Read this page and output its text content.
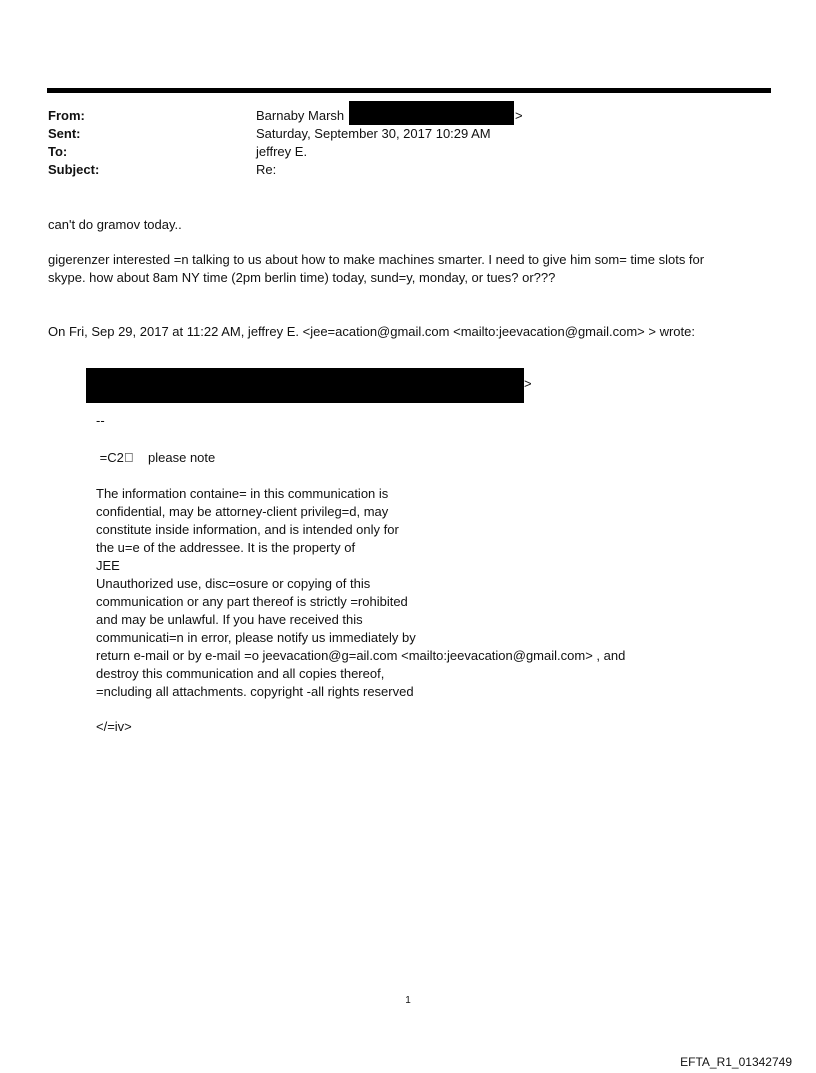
From:	Barnaby Marsh	>
Sent:	Saturday, September 30, 2017 10:29 AM
To:	jeffrey E.
Subject:	Re:
can't do gramov today..
gigerenzer interested =n talking to us about how to make machines smarter. I need to give him som= time slots for
skype. how about 8am NY time (2pm berlin time) today, sund=y, monday, or tues? or???
On Fri, Sep 29, 2017 at 11:22 AM, jeffrey E. <jee=acation@gmail.com <mailto:jeevacation@gmail.com> > wrote:
>
--
=C2     please note
The information containe= in this communication is
confidential, may be attorney-client privileg=d, may
constitute inside information, and is intended only for
the u=e of the addressee. It is the property of
JEE
Unauthorized use, disc=osure or copying of this
communication or any part thereof is strictly =rohibited
and may be unlawful. If you have received this
communicati=n in error, please notify us immediately by
return e-mail or by e-mail =o jeevacation@g=ail.com <mailto:jeevacation@gmail.com> , and
destroy this communication and all copies thereof,
=ncluding all attachments. copyright -all rights reserved
</=iv>
1
EFTA_R1_01342749
